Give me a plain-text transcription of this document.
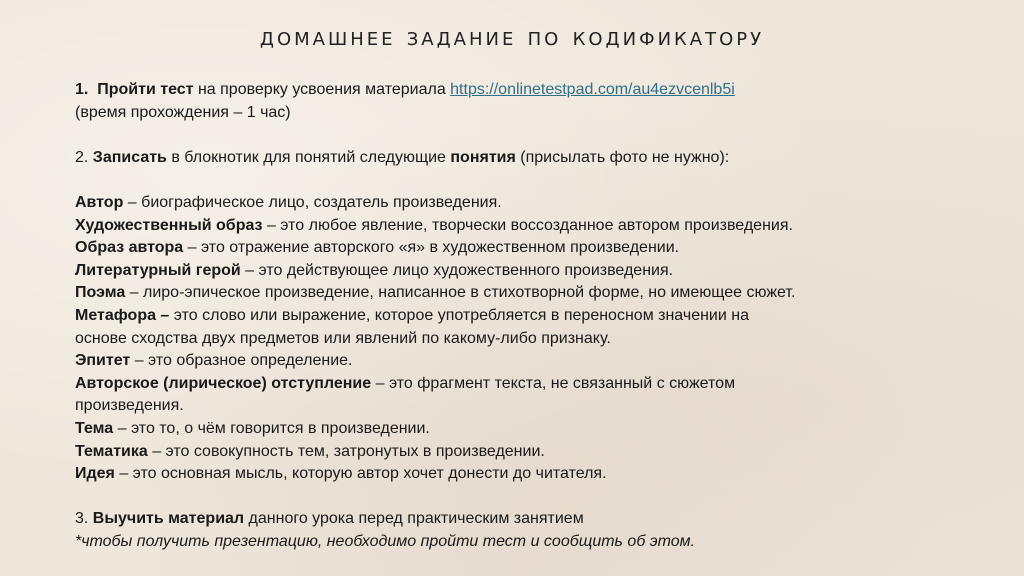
домашнее задание по кодификатору
1. Пройти тест на проверку усвоения материала https://onlinetestpad.com/au4ezvcenlb5i
(время прохождения – 1 час)
2. Записать в блокнотик для понятий следующие понятия (присылать фото не нужно):
Автор – биографическое лицо, создатель произведения.
Художественный образ – это любое явление, творчески воссозданное автором произведения.
Образ автора – это отражение авторского «я» в художественном произведении.
Литературный герой – это действующее лицо художественного произведения.
Поэма – лиро-эпическое произведение, написанное в стихотворной форме, но имеющее сюжет.
Метафора – это слово или выражение, которое употребляется в переносном значении на
основе сходства двух предметов или явлений по какому-либо признаку.
Эпитет – это образное определение.
Авторское (лирическое) отступление – это фрагмент текста, не связанный с сюжетом
произведения.
Тема – это то, о чём говорится в произведении.
Тематика – это совокупность тем, затронутых в произведении.
Идея – это основная мысль, которую автор хочет донести до читателя.
3. Выучить материал данного урока перед практическим занятием
*чтобы получить презентацию, необходимо пройти тест и сообщить об этом.
